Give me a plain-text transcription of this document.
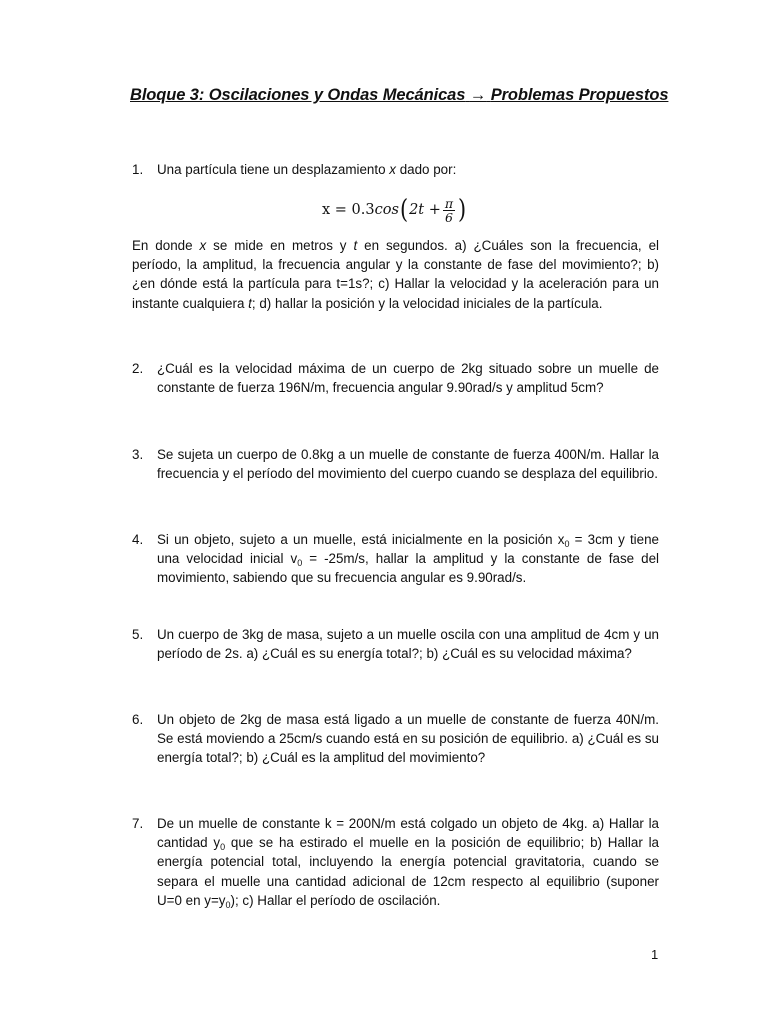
Bloque 3: Oscilaciones y Ondas Mecánicas → Problemas Propuestos
1. Una partícula tiene un desplazamiento x dado por:
x = 0.3 cos ( $2t + \frac{\pi}{6}$ )
En donde x se mide en metros y t en segundos. a) ¿Cuáles son la frecuencia, el período, la amplitud, la frecuencia angular y la constante de fase del movimiento?; b) ¿en dónde está la partícula para t=1s?; c) Hallar la velocidad y la aceleración para un instante cualquiera t; d) hallar la posición y la velocidad iniciales de la partícula.
2. ¿Cuál es la velocidad máxima de un cuerpo de 2kg situado sobre un muelle de constante de fuerza 196N/m, frecuencia angular 9.90rad/s y amplitud 5cm?
3. Se sujeta un cuerpo de 0.8kg a un muelle de constante de fuerza 400N/m. Hallar la frecuencia y el período del movimiento del cuerpo cuando se desplaza del equilibrio.
4. Si un objeto, sujeto a un muelle, está inicialmente en la posición $x_0 = 3cm$ y tiene una velocidad inicial $v_0 = -25m/s$, hallar la amplitud y la constante de fase del movimiento, sabiendo que su frecuencia angular es 9.90rad/s.
5. Un cuerpo de 3kg de masa, sujeto a un muelle oscila con una amplitud de 4cm y un período de 2s. a) ¿Cuál es su energía total?; b) ¿Cuál es su velocidad máxima?
6. Un objeto de 2kg de masa está ligado a un muelle de constante de fuerza 40N/m. Se está moviendo a 25cm/s cuando está en su posición de equilibrio. a) ¿Cuál es su energía total?; b) ¿Cuál es la amplitud del movimiento?
7. De un muelle de constante k = 200N/m está colgado un objeto de 4kg. a) Hallar la cantidad $y_0$ que se ha estirado el muelle en la posición de equilibrio; b) Hallar la energía potencial total, incluyendo la energía potencial gravitatoria, cuando se separa el muelle una cantidad adicional de 12cm respecto al equilibrio (suponer U=0 en $y=y_0$); c) Hallar el período de oscilación.
1
